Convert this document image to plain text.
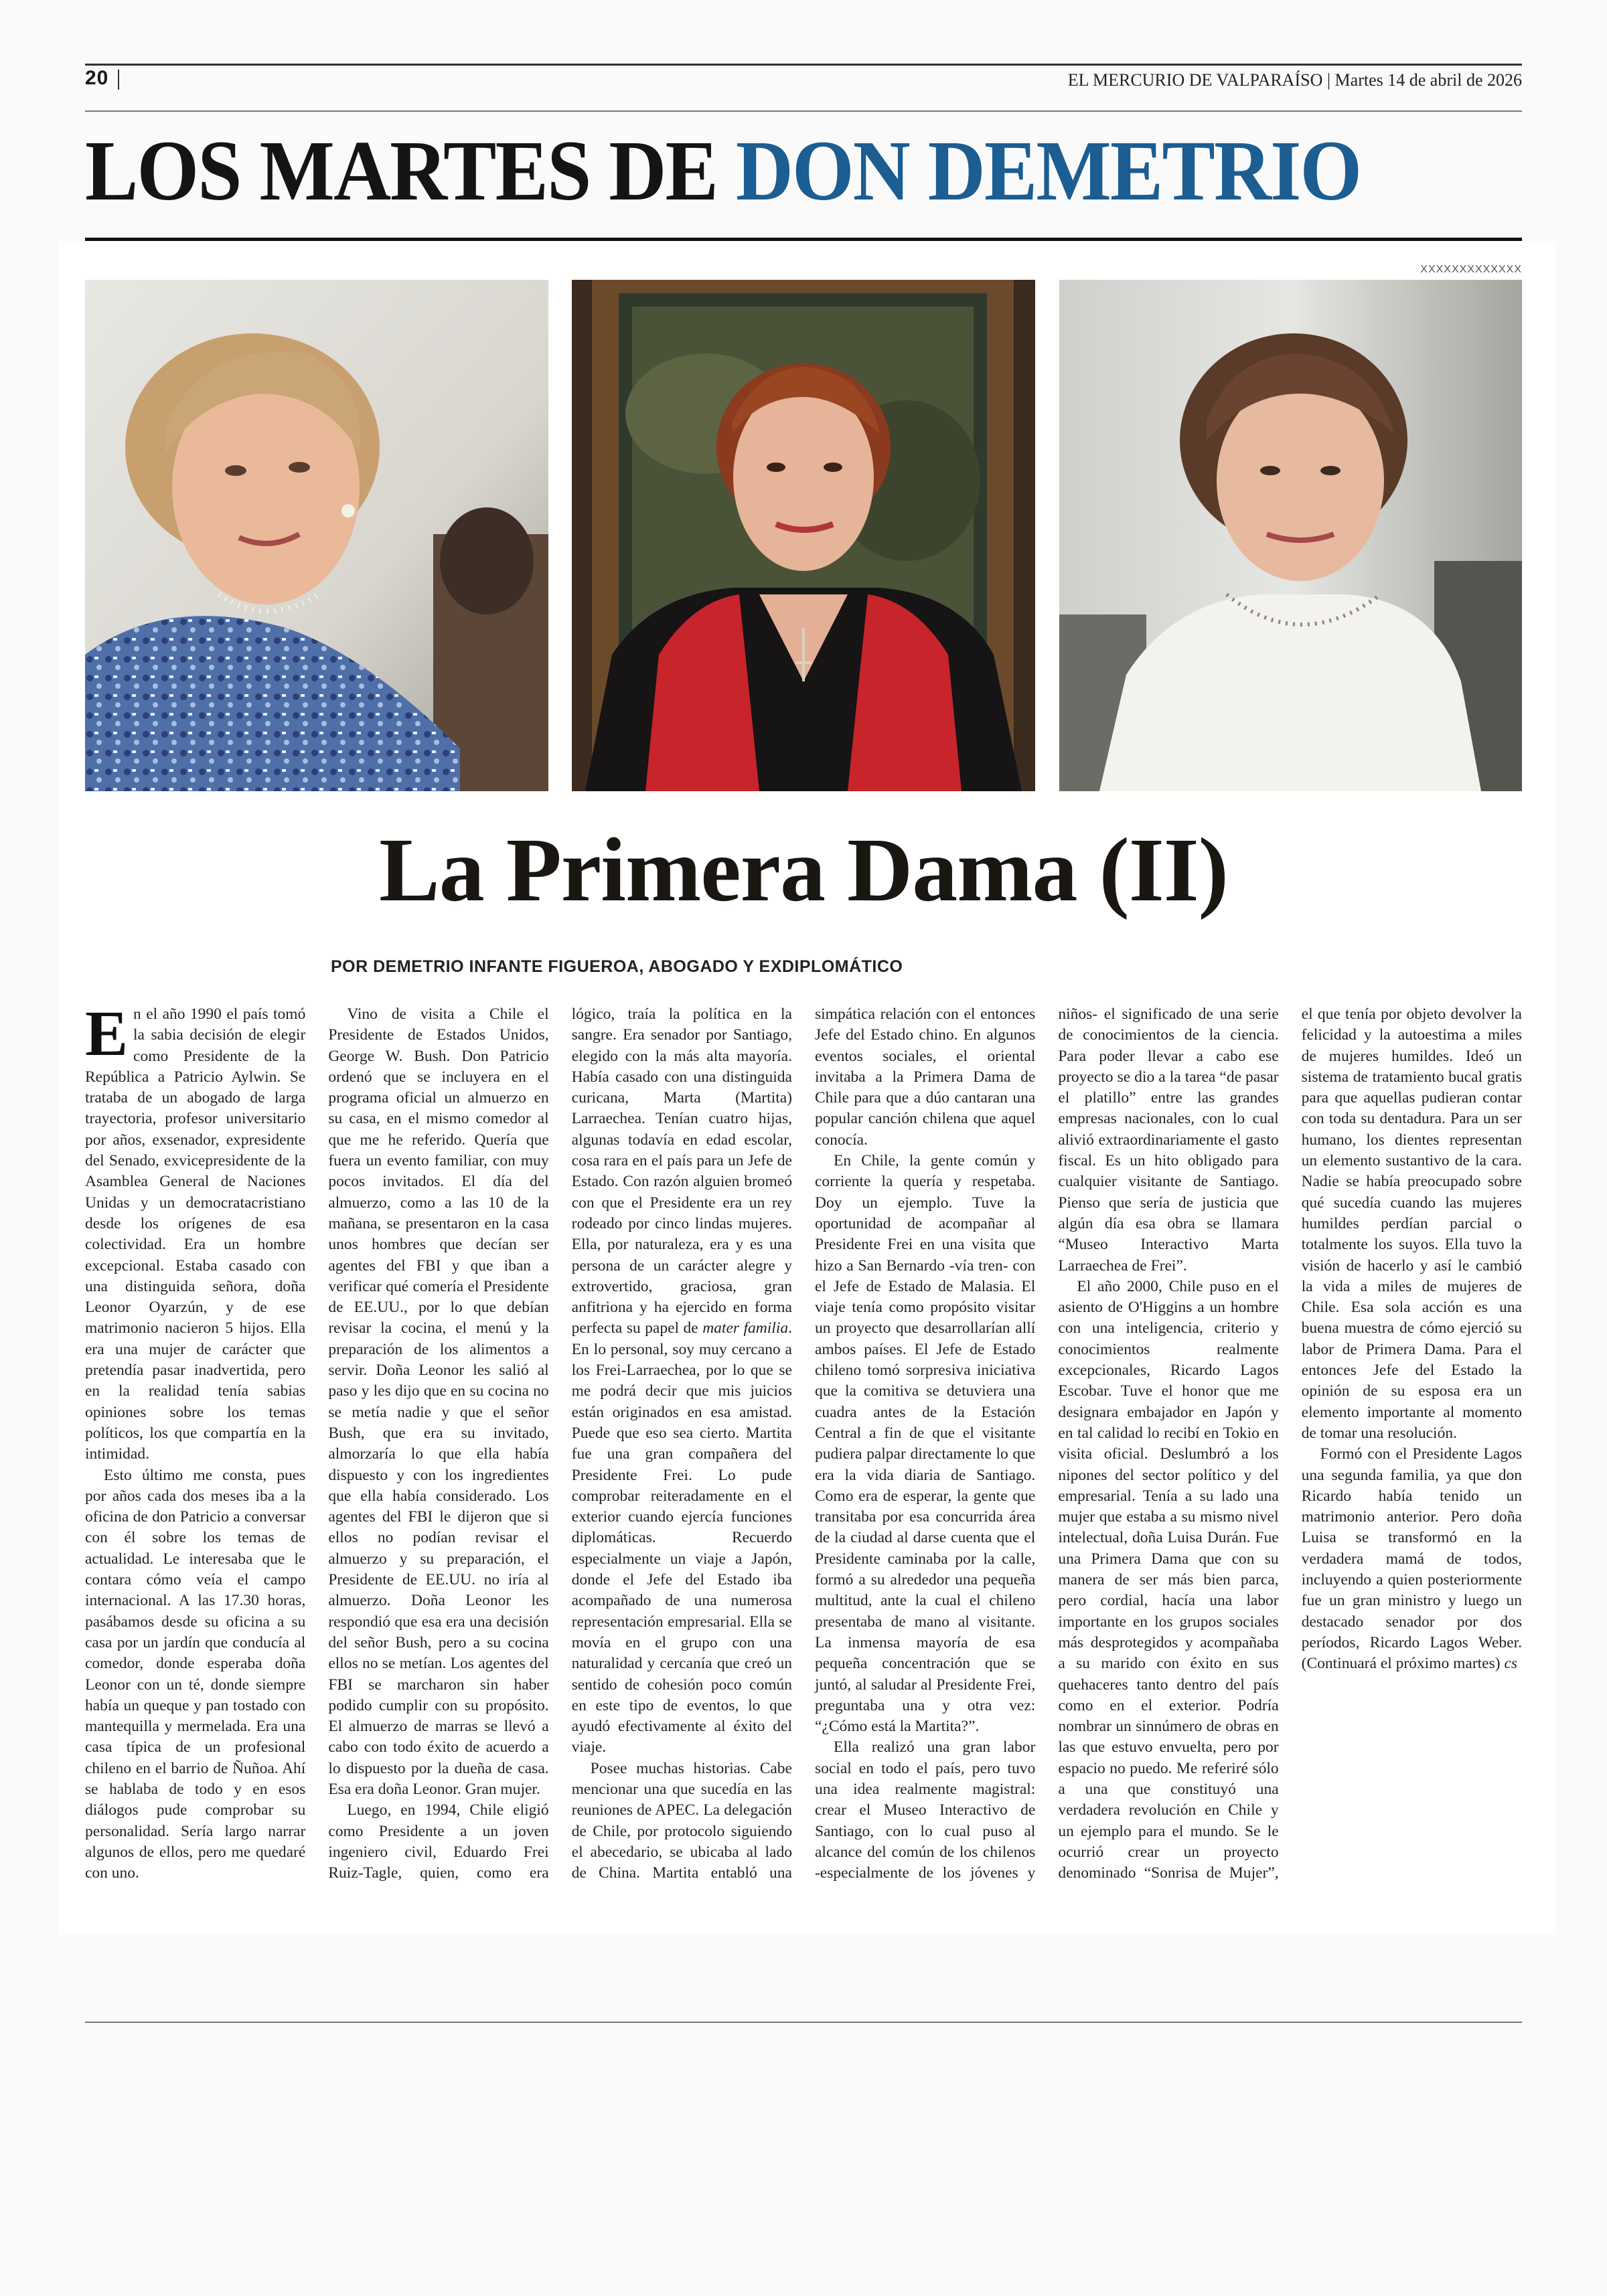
20	EL MERCURIO DE VALPARAÍSO | Martes 14 de abril de 2026
LOS MARTES DE DON DEMETRIO
XXXXXXXXXXXXX
La Primera Dama (II)
POR DEMETRIO INFANTE FIGUEROA, ABOGADO Y EXDIPLOMÁTICO

En el año 1990 el país tomó la sabia decisión de elegir como Presidente de la República a Patricio Aylwin. Se trataba de un abogado de larga trayectoria, profesor universitario por años, exsenador, expresidente del Senado, exvicepresidente de la Asamblea General de Naciones Unidas y un democratacristiano desde los orígenes de esa colectividad. Era un hombre excepcional. Estaba casado con una distinguida señora, doña Leonor Oyarzún, y de ese matrimonio nacieron 5 hijos. Ella era una mujer de carácter que pretendía pasar inadvertida, pero en la realidad tenía sabias opiniones sobre los temas políticos, los que compartía en la intimidad.

Esto último me consta, pues por años cada dos meses iba a la oficina de don Patricio a conversar con él sobre los temas de actualidad. Le interesaba que le contara cómo veía el campo internacional. A las 17.30 horas, pasábamos desde su oficina a su casa por un jardín que conducía al comedor, donde esperaba doña Leonor con un té, donde siempre había un queque y pan tostado con mantequilla y mermelada. Era una casa típica de un profesional chileno en el barrio de Ñuñoa. Ahí se hablaba de todo y en esos diálogos pude comprobar su personalidad. Sería largo narrar algunos de ellos, pero me quedaré con uno.

Vino de visita a Chile el Presidente de Estados Unidos, George W. Bush. Don Patricio ordenó que se incluyera en el programa oficial un almuerzo en su casa, en el mismo comedor al que me he referido. Quería que fuera un evento familiar, con muy pocos invitados. El día del almuerzo, como a las 10 de la mañana, se presentaron en la casa unos hombres que decían ser agentes del FBI y que iban a verificar qué comería el Presidente de EE.UU., por lo que debían revisar la cocina, el menú y la preparación de los alimentos a servir. Doña Leonor les salió al paso y les dijo que en su cocina no se metía nadie y que el señor Bush, que era su invitado, almorzaría lo que ella había dispuesto y con los ingredientes que ella había considerado. Los agentes del FBI le dijeron que si ellos no podían revisar el almuerzo y su preparación, el Presidente de EE.UU. no iría al almuerzo. Doña Leonor les respondió que esa era una decisión del señor Bush, pero a su cocina ellos no se metían. Los agentes del FBI se marcharon sin haber podido cumplir con su propósito. El almuerzo de marras se llevó a cabo con todo éxito de acuerdo a lo dispuesto por la dueña de casa. Esa era doña Leonor. Gran mujer.

Luego, en 1994, Chile eligió como Presidente a un joven ingeniero civil, Eduardo Frei Ruiz-Tagle, quien, como era lógico, traía la política en la sangre. Era senador por Santiago, elegido con la más alta mayoría. Había casado con una distinguida curicana, Marta (Martita) Larraechea. Tenían cuatro hijas, algunas todavía en edad escolar, cosa rara en el país para un Jefe de Estado. Con razón alguien bromeó con que el Presidente era un rey rodeado por cinco lindas mujeres. Ella, por naturaleza, era y es una persona de un carácter alegre y extrovertido, graciosa, gran anfitriona y ha ejercido en forma perfecta su papel de mater familia. En lo personal, soy muy cercano a los Frei-Larraechea, por lo que se me podrá decir que mis juicios están originados en esa amistad. Puede que eso sea cierto. Martita fue una gran compañera del Presidente Frei. Lo pude comprobar reiteradamente en el exterior cuando ejercía funciones diplomáticas. Recuerdo especialmente un viaje a Japón, donde el Jefe del Estado iba acompañado de una numerosa representación empresarial. Ella se movía en el grupo con una naturalidad y cercanía que creó un sentido de cohesión poco común en este tipo de eventos, lo que ayudó efectivamente al éxito del viaje.

Posee muchas historias. Cabe mencionar una que sucedía en las reuniones de APEC. La delegación de Chile, por protocolo siguiendo el abecedario, se ubicaba al lado de China. Martita entabló una simpática relación con el entonces Jefe del Estado chino. En algunos eventos sociales, el oriental invitaba a la Primera Dama de Chile para que a dúo cantaran una popular canción chilena que aquel conocía.

En Chile, la gente común y corriente la quería y respetaba. Doy un ejemplo. Tuve la oportunidad de acompañar al Presidente Frei en una visita que hizo a San Bernardo -vía tren- con el Jefe de Estado de Malasia. El viaje tenía como propósito visitar un proyecto que desarrollarían allí ambos países. El Jefe de Estado chileno tomó sorpresiva iniciativa que la comitiva se detuviera una cuadra antes de la Estación Central a fin de que el visitante pudiera palpar directamente lo que era la vida diaria de Santiago. Como era de esperar, la gente que transitaba por esa concurrida área de la ciudad al darse cuenta que el Presidente caminaba por la calle, formó a su alrededor una pequeña multitud, ante la cual el chileno presentaba de mano al visitante. La inmensa mayoría de esa pequeña concentración que se juntó, al saludar al Presidente Frei, preguntaba una y otra vez: “¿Cómo está la Martita?”.

Ella realizó una gran labor social en todo el país, pero tuvo una idea realmente magistral: crear el Museo Interactivo de Santiago, con lo cual puso al alcance del común de los chilenos -especialmente de los jóvenes y niños- el significado de una serie de conocimientos de la ciencia. Para poder llevar a cabo ese proyecto se dio a la tarea “de pasar el platillo” entre las grandes empresas nacionales, con lo cual alivió extraordinariamente el gasto fiscal. Es un hito obligado para cualquier visitante de Santiago. Pienso que sería de justicia que algún día esa obra se llamara “Museo Interactivo Marta Larraechea de Frei”.

El año 2000, Chile puso en el asiento de O'Higgins a un hombre con una inteligencia, criterio y conocimientos realmente excepcionales, Ricardo Lagos Escobar. Tuve el honor que me designara embajador en Japón y en tal calidad lo recibí en Tokio en visita oficial. Deslumbró a los nipones del sector político y del empresarial. Tenía a su lado una mujer que estaba a su mismo nivel intelectual, doña Luisa Durán. Fue una Primera Dama que con su manera de ser más bien parca, pero cordial, hacía una labor importante en los grupos sociales más desprotegidos y acompañaba a su marido con éxito en sus quehaceres tanto dentro del país como en el exterior. Podría nombrar un sinnúmero de obras en las que estuvo envuelta, pero por espacio no puedo. Me referiré sólo a una que constituyó una verdadera revolución en Chile y un ejemplo para el mundo. Se le ocurrió crear un proyecto denominado “Sonrisa de Mujer”, el que tenía por objeto devolver la felicidad y la autoestima a miles de mujeres humildes. Ideó un sistema de tratamiento bucal gratis para que aquellas pudieran contar con toda su dentadura. Para un ser humano, los dientes representan un elemento sustantivo de la cara. Nadie se había preocupado sobre qué sucedía cuando las mujeres humildes perdían parcial o totalmente los suyos. Ella tuvo la visión de hacerlo y así le cambió la vida a miles de mujeres de Chile. Esa sola acción es una buena muestra de cómo ejerció su labor de Primera Dama. Para el entonces Jefe del Estado la opinión de su esposa era un elemento importante al momento de tomar una resolución.

Formó con el Presidente Lagos una segunda familia, ya que don Ricardo había tenido un matrimonio anterior. Pero doña Luisa se transformó en la verdadera mamá de todos, incluyendo a quien posteriormente fue un gran ministro y luego un destacado senador por dos períodos, Ricardo Lagos Weber. (Continuará el próximo martes) cs
